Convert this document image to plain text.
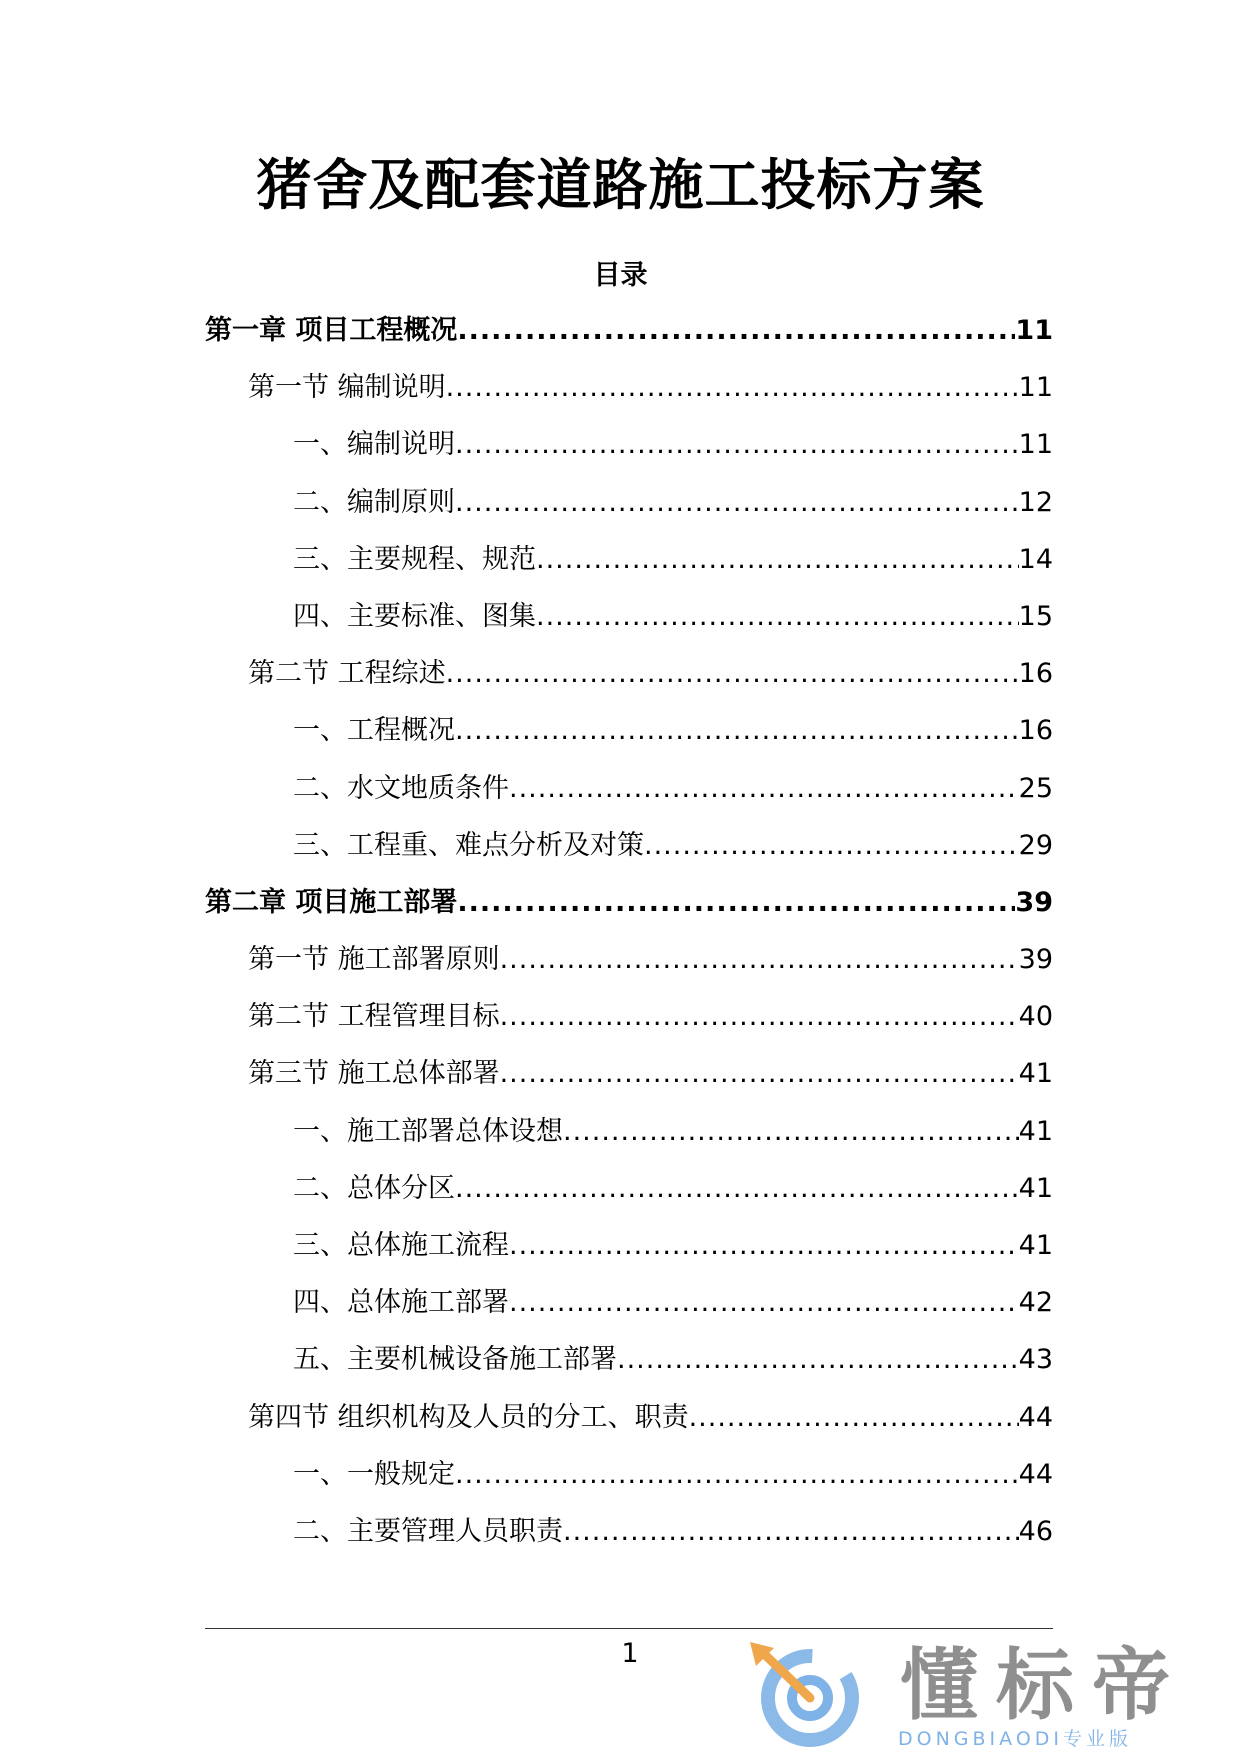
猪舍及配套道路施工投标方案
目录
第一章 项目工程概况 .....	11
第一节 编制说明 .....	11
一、编制说明 .....	11
二、编制原则 .....	12
三、主要规程、规范 .....	14
四、主要标准、图集 .....	15
第二节 工程综述 .....	16
一、工程概况 .....	16
二、水文地质条件 .....	25
三、工程重、难点分析及对策 .....	29
第二章 项目施工部署 .....	39
第一节 施工部署原则 .....	39
第二节 工程管理目标 .....	40
第三节 施工总体部署 .....	41
一、施工部署总体设想 .....	41
二、总体分区 .....	41
三、总体施工流程 .....	41
四、总体施工部署 .....	42
五、主要机械设备施工部署 .....	43
第四节 组织机构及人员的分工、职责 .....	44
一、一般规定 .....	44
二、主要管理人员职责 .....	46
1	懂标帝
DONGBIAODI专业版
